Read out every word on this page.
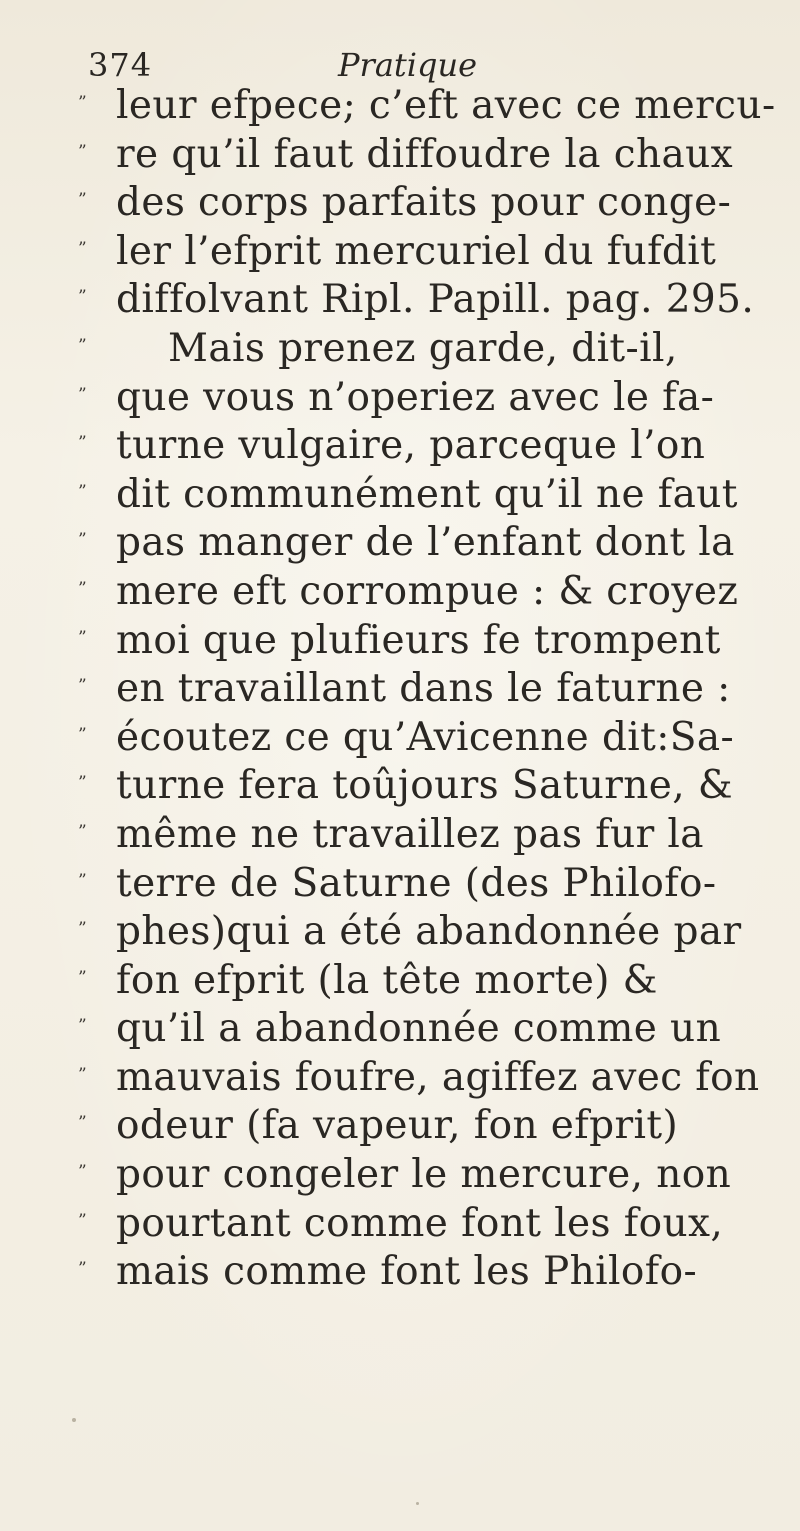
374	Pratique
” leur efpece; c’eft avec ce mercu-
” re qu’il faut diffoudre la chaux
” des corps parfaits pour conge-
” ler l’efprit mercuriel du fufdit
” diffolvant Ripl. Papill. pag. 295.
”	Mais prenez garde, dit-il,
” que vous n’operiez avec le fa-
” turne vulgaire, parceque l’on
” dit communément qu’il ne faut
” pas manger de l’enfant dont la
” mere eft corrompue : & croyez
” moi que plufieurs fe trompent
” en travaillant dans le faturne :
” écoutez ce qu’Avicenne dit:Sa-
” turne fera toûjours Saturne, &
” même ne travaillez pas fur la
” terre de Saturne (des Philofo-
” phes)qui a été abandonnée par
” fon efprit (la tête morte) &
” qu’il a abandonnée comme un
” mauvais foufre, agiffez avec fon
” odeur (fa vapeur, fon efprit)
” pour congeler le mercure, non
” pourtant comme font les foux,
” mais comme font les Philofo-
